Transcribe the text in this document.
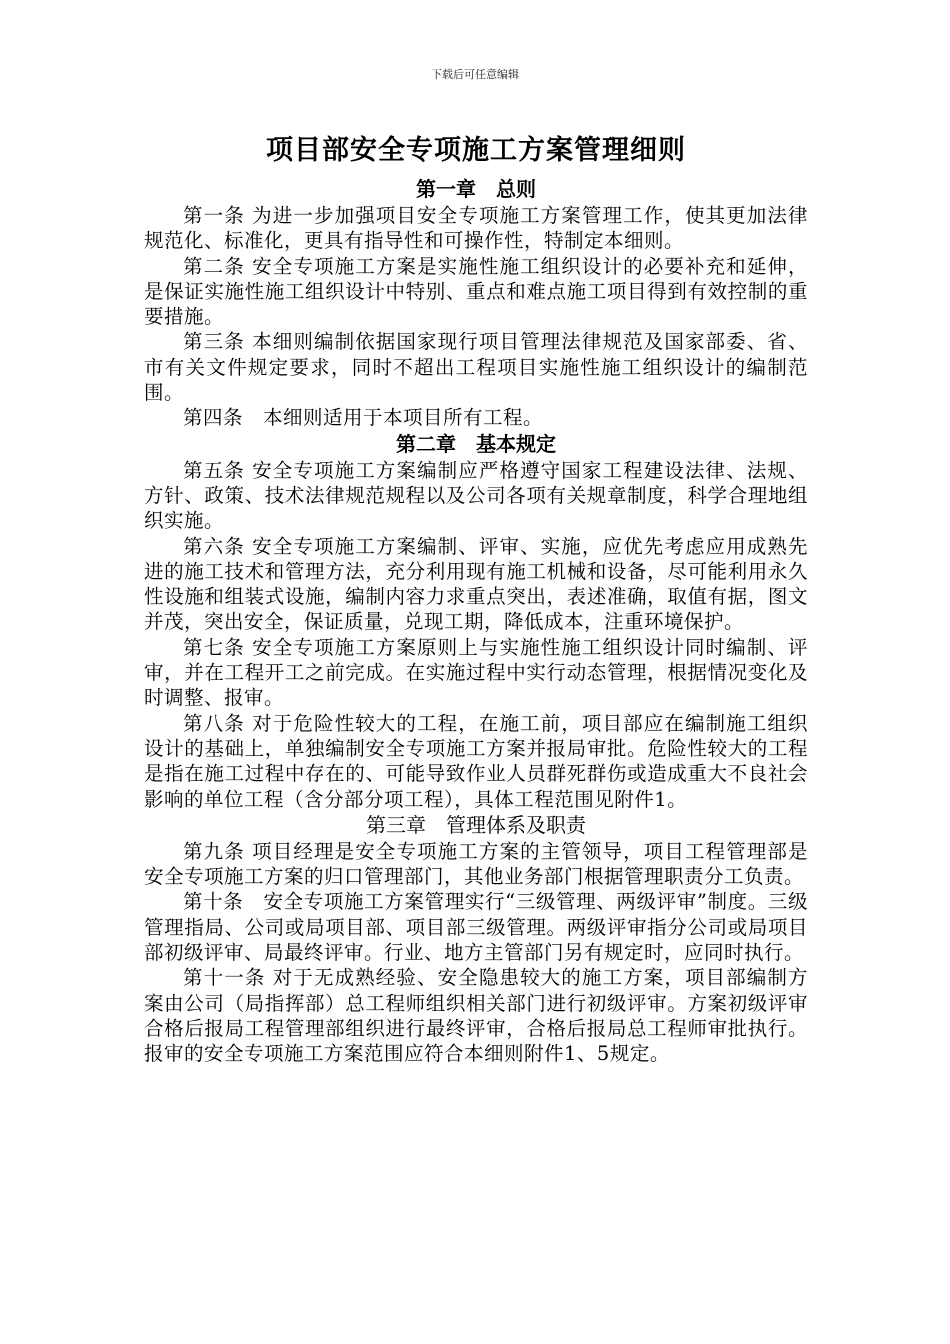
下载后可任意编辑
项目部安全专项施工方案管理细则
第一章　总则

第一条 为进一步加强项目安全专项施工方案管理工作，使其更加法律规范化、标准化，更具有指导性和可操作性，特制定本细则。

第二条 安全专项施工方案是实施性施工组织设计的必要补充和延伸，是保证实施性施工组织设计中特别、重点和难点施工项目得到有效控制的重要措施。

第三条 本细则编制依据国家现行项目管理法律规范及国家部委、省、市有关文件规定要求，同时不超出工程项目实施性施工组织设计的编制范围。

第四条　本细则适用于本项目所有工程。

第二章　基本规定

第五条 安全专项施工方案编制应严格遵守国家工程建设法律、法规、方针、政策、技术法律规范规程以及公司各项有关规章制度，科学合理地组织实施。

第六条 安全专项施工方案编制、评审、实施，应优先考虑应用成熟先进的施工技术和管理方法，充分利用现有施工机械和设备，尽可能利用永久性设施和组装式设施，编制内容力求重点突出，表述准确，取值有据，图文并茂，突出安全，保证质量，兑现工期，降低成本，注重环境保护。

第七条 安全专项施工方案原则上与实施性施工组织设计同时编制、评审，并在工程开工之前完成。在实施过程中实行动态管理，根据情况变化及时调整、报审。

第八条 对于危险性较大的工程，在施工前，项目部应在编制施工组织设计的基础上，单独编制安全专项施工方案并报局审批。危险性较大的工程是指在施工过程中存在的、可能导致作业人员群死群伤或造成重大不良社会影响的单位工程（含分部分项工程），具体工程范围见附件1。

第三章　管理体系及职责

第九条 项目经理是安全专项施工方案的主管领导，项目工程管理部是安全专项施工方案的归口管理部门，其他业务部门根据管理职责分工负责。

第十条　安全专项施工方案管理实行“三级管理、两级评审”制度。三级管理指局、公司或局项目部、项目部三级管理。两级评审指分公司或局项目部初级评审、局最终评审。行业、地方主管部门另有规定时，应同时执行。

第十一条 对于无成熟经验、安全隐患较大的施工方案，项目部编制方案由公司（局指挥部）总工程师组织相关部门进行初级评审。方案初级评审合格后报局工程管理部组织进行最终评审，合格后报局总工程师审批执行。报审的安全专项施工方案范围应符合本细则附件1、5规定。
